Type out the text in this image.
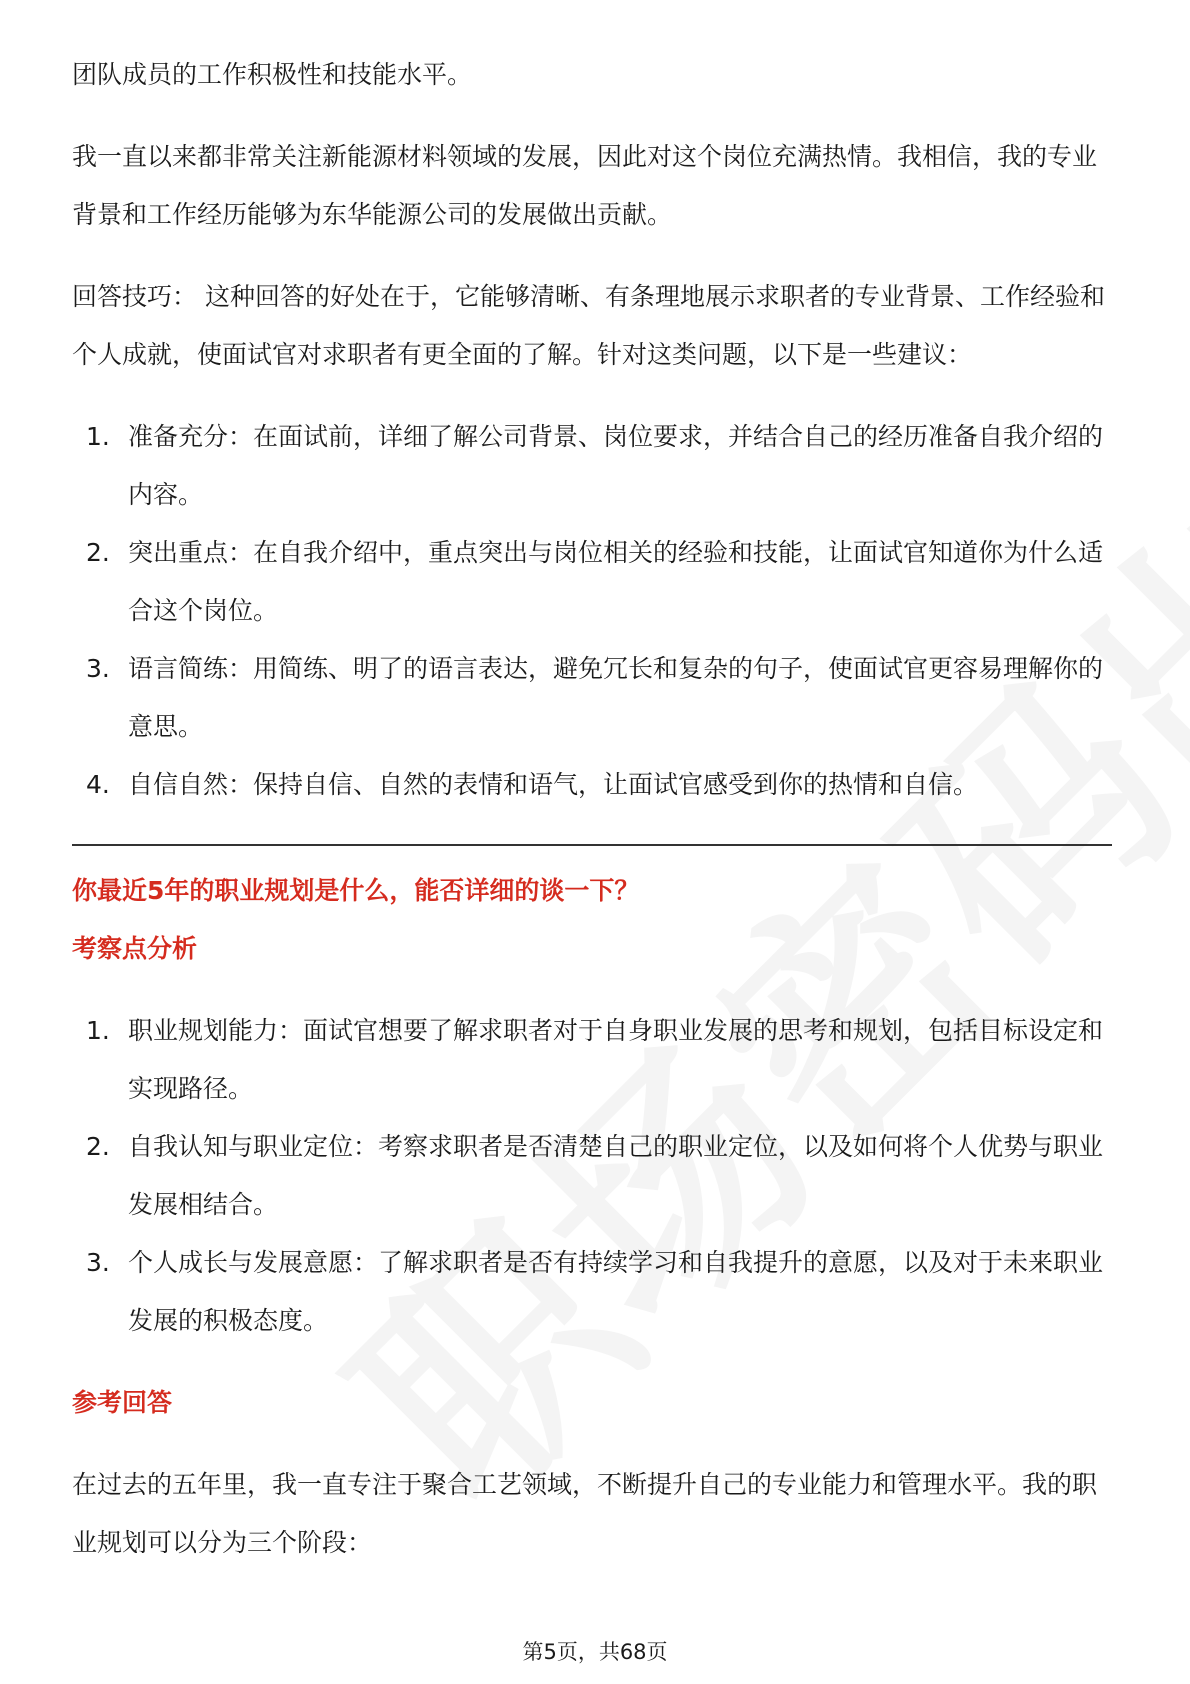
团队成员的工作积极性和技能水平。

我一直以来都非常关注新能源材料领域的发展，因此对这个岗位充满热情。我相信，我的专业背景和工作经历能够为东华能源公司的发展做出贡献。

回答技巧： 这种回答的好处在于，它能够清晰、有条理地展示求职者的专业背景、工作经验和个人成就，使面试官对求职者有更全面的了解。针对这类问题，以下是一些建议：

1. 准备充分：在面试前，详细了解公司背景、岗位要求，并结合自己的经历准备自我介绍的内容。
2. 突出重点：在自我介绍中，重点突出与岗位相关的经验和技能，让面试官知道你为什么适合这个岗位。
3. 语言简练：用简练、明了的语言表达，避免冗长和复杂的句子，使面试官更容易理解你的意思。
4. 自信自然：保持自信、自然的表情和语气，让面试官感受到你的热情和自信。

你最近5年的职业规划是什么，能否详细的谈一下？

考察点分析

1. 职业规划能力：面试官想要了解求职者对于自身职业发展的思考和规划，包括目标设定和实现路径。
2. 自我认知与职业定位：考察求职者是否清楚自己的职业定位，以及如何将个人优势与职业发展相结合。
3. 个人成长与发展意愿：了解求职者是否有持续学习和自我提升的意愿，以及对于未来职业发展的积极态度。

参考回答

在过去的五年里，我一直专注于聚合工艺领域，不断提升自己的专业能力和管理水平。我的职业规划可以分为三个阶段：

第5页，共68页
